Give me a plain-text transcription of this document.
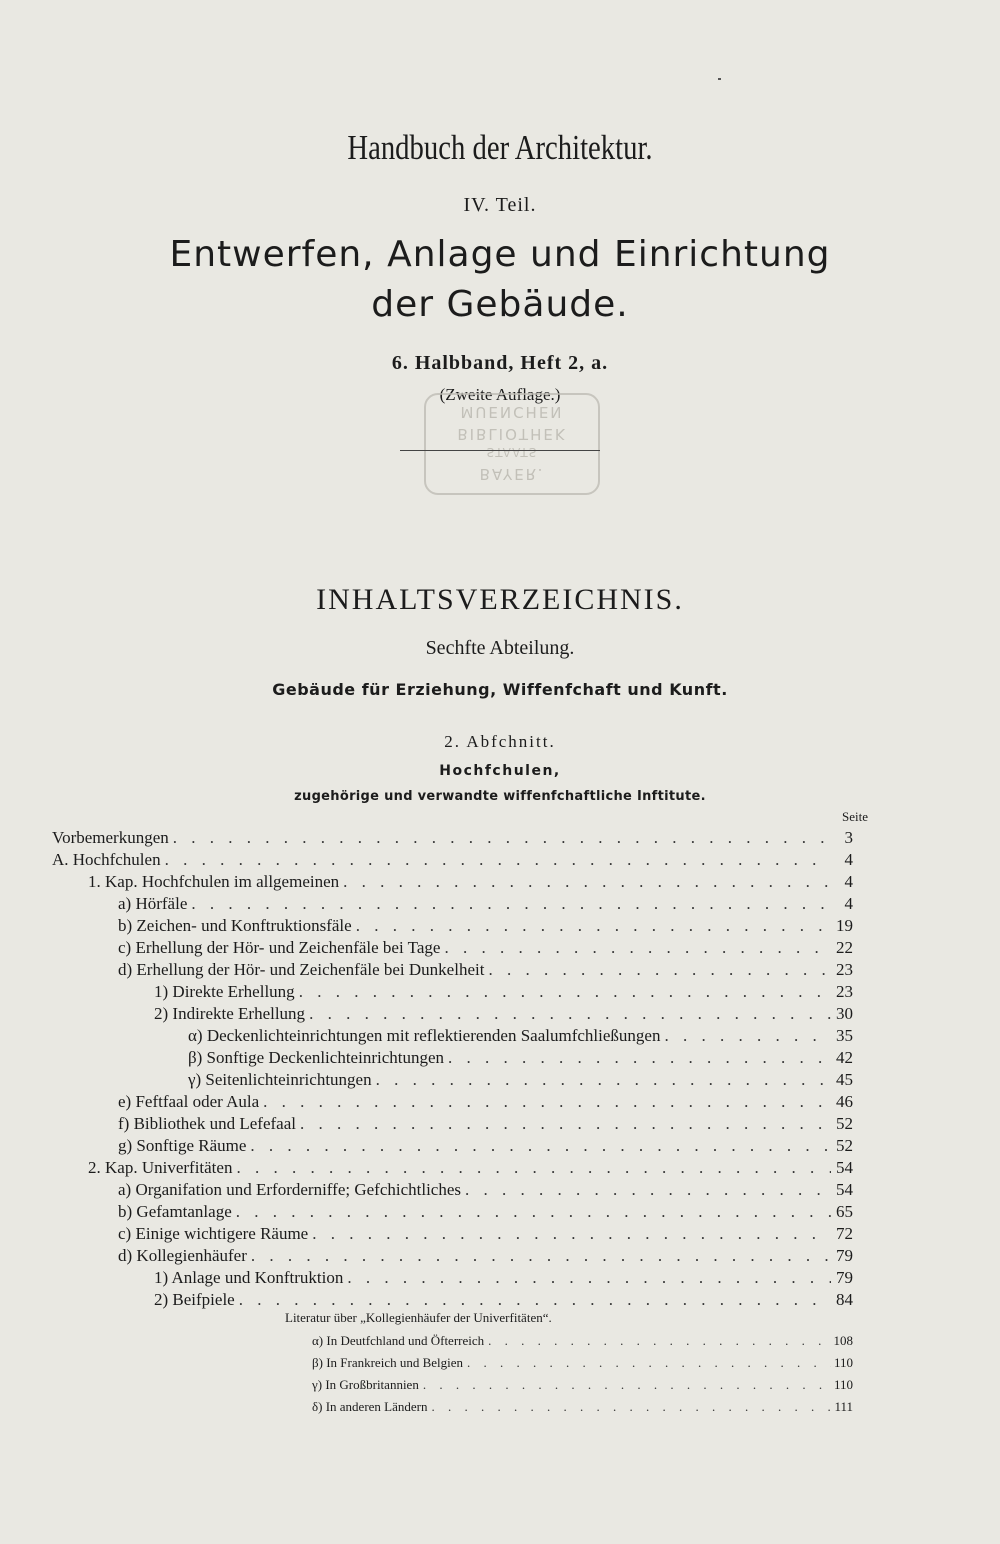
Handbuch der Architektur.
IV. Teil.
Entwerfen, Anlage und Einrichtung
der Gebäude.
6. Halbband, Heft 2, a.
(Zweite Auflage.)
BAYER.
STAATS
BIBLIOTHEK
MUENCHEN
INHALTSVERZEICHNIS.
Sechfte Abteilung.
Gebäude für Erziehung, Wiffenfchaft und Kunft.
2. Abfchnitt.
Hochfchulen,
zugehörige und verwandte wiffenfchaftliche Inftitute.
Seite
Vorbemerkungen . . .	3
A. Hochfchulen . . .	4
1. Kap. Hochfchulen im allgemeinen . . .	4
a) Hörfäle . . .	4
b) Zeichen- und Konftruktionsfäle . . .	19
c) Erhellung der Hör- und Zeichenfäle bei Tage . . .	22
d) Erhellung der Hör- und Zeichenfäle bei Dunkelheit . . .	23
1) Direkte Erhellung . . .	23
2) Indirekte Erhellung . . .	30
α) Deckenlichteinrichtungen mit reflektierenden Saalumfchließungen . . .	35
β) Sonftige Deckenlichteinrichtungen . . .	42
γ) Seitenlichteinrichtungen . . .	45
e) Feftfaal oder Aula . . .	46
f) Bibliothek und Lefefaal . . .	52
g) Sonftige Räume . . .	52
2. Kap. Univerfitäten . . .	54
a) Organifation und Erforderniffe; Gefchichtliches . . .	54
b) Gefamtanlage . . .	65
c) Einige wichtigere Räume . . .	72
d) Kollegienhäufer . . .	79
1) Anlage und Konftruktion . . .	79
2) Beifpiele . . .	84
Literatur über „Kollegienhäufer der Univerfitäten“.
α) In Deutfchland und Öfterreich . . .	108
β) In Frankreich und Belgien . . .	110
γ) In Großbritannien . . .	110
δ) In anderen Ländern . . .	111
